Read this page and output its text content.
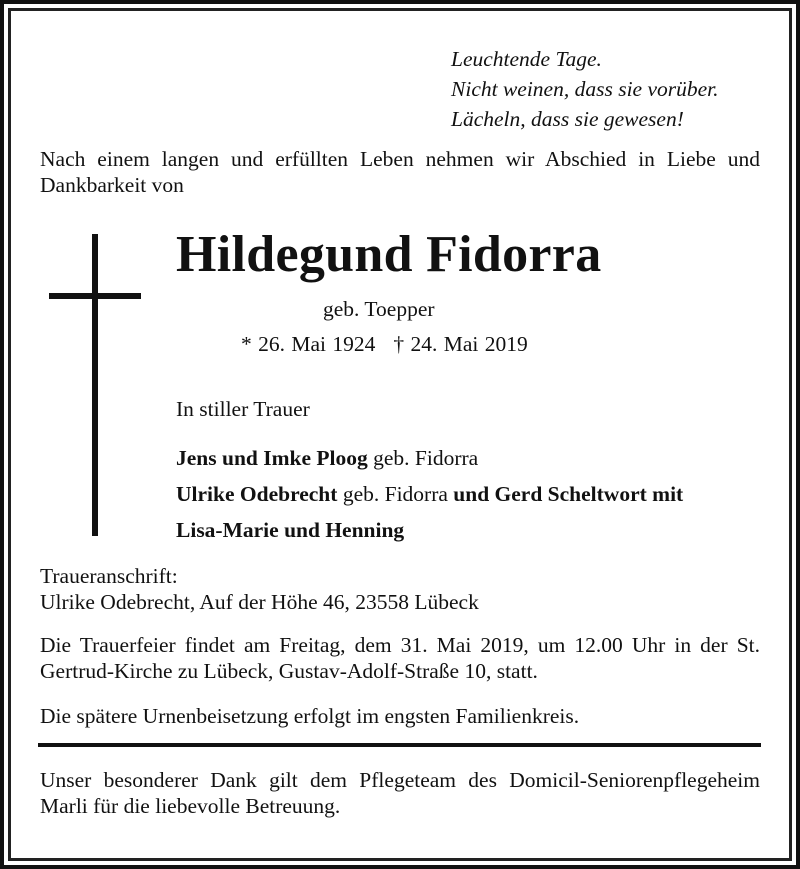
Leuchtende Tage.
Nicht weinen, dass sie vorüber.
Lächeln, dass sie gewesen!
Nach einem langen und erfüllten Leben nehmen wir Abschied in Liebe und Dankbarkeit von
Hildegund Fidorra
geb. Toepper
* 26. Mai 1924 † 24. Mai 2019
In stiller Trauer
Jens und Imke Ploog geb. Fidorra
Ulrike Odebrecht geb. Fidorra und Gerd Scheltwort mit
Lisa-Marie und Henning
Traueranschrift:
Ulrike Odebrecht, Auf der Höhe 46, 23558 Lübeck
Die Trauerfeier findet am Freitag, dem 31. Mai 2019, um 12.00 Uhr in der St. Gertrud-Kirche zu Lübeck, Gustav-Adolf-Straße 10, statt.
Die spätere Urnenbeisetzung erfolgt im engsten Familienkreis.
Unser besonderer Dank gilt dem Pflegeteam des Domicil-Seniorenpflegeheim Marli für die liebevolle Betreuung.
